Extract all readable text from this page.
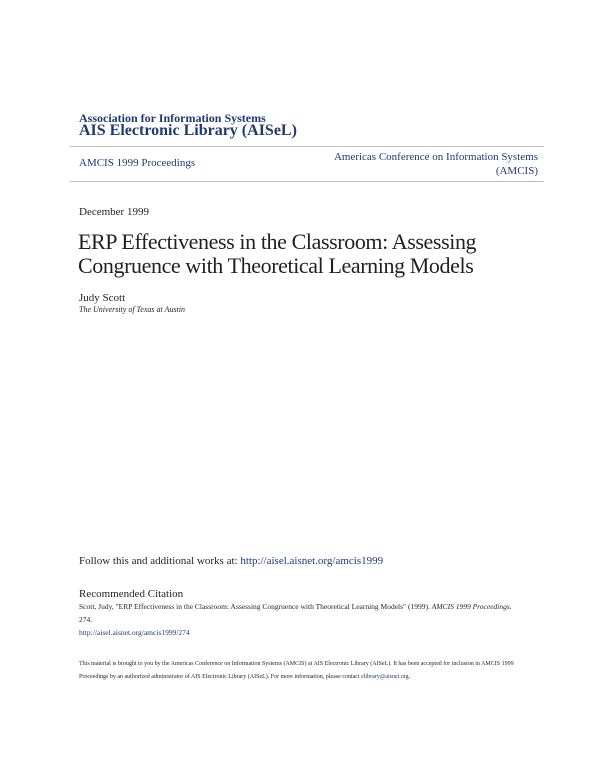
Association for Information Systems
AIS Electronic Library (AISeL)
AMCIS 1999 Proceedings	Americas Conference on Information Systems (AMCIS)
December 1999
ERP Effectiveness in the Classroom: Assessing Congruence with Theoretical Learning Models
Judy Scott
The University of Texas at Austin
Follow this and additional works at: http://aisel.aisnet.org/amcis1999
Recommended Citation
Scott, Judy, "ERP Effectiveness in the Classroom: Assessing Congruence with Theoretical Learning Models" (1999). AMCIS 1999 Proceedings. 274.
http://aisel.aisnet.org/amcis1999/274
This material is brought to you by the Americas Conference on Information Systems (AMCIS) at AIS Electronic Library (AISeL). It has been accepted for inclusion in AMCIS 1999 Proceedings by an authorized administrator of AIS Electronic Library (AISeL). For more information, please contact elibrary@aisnet.org.
